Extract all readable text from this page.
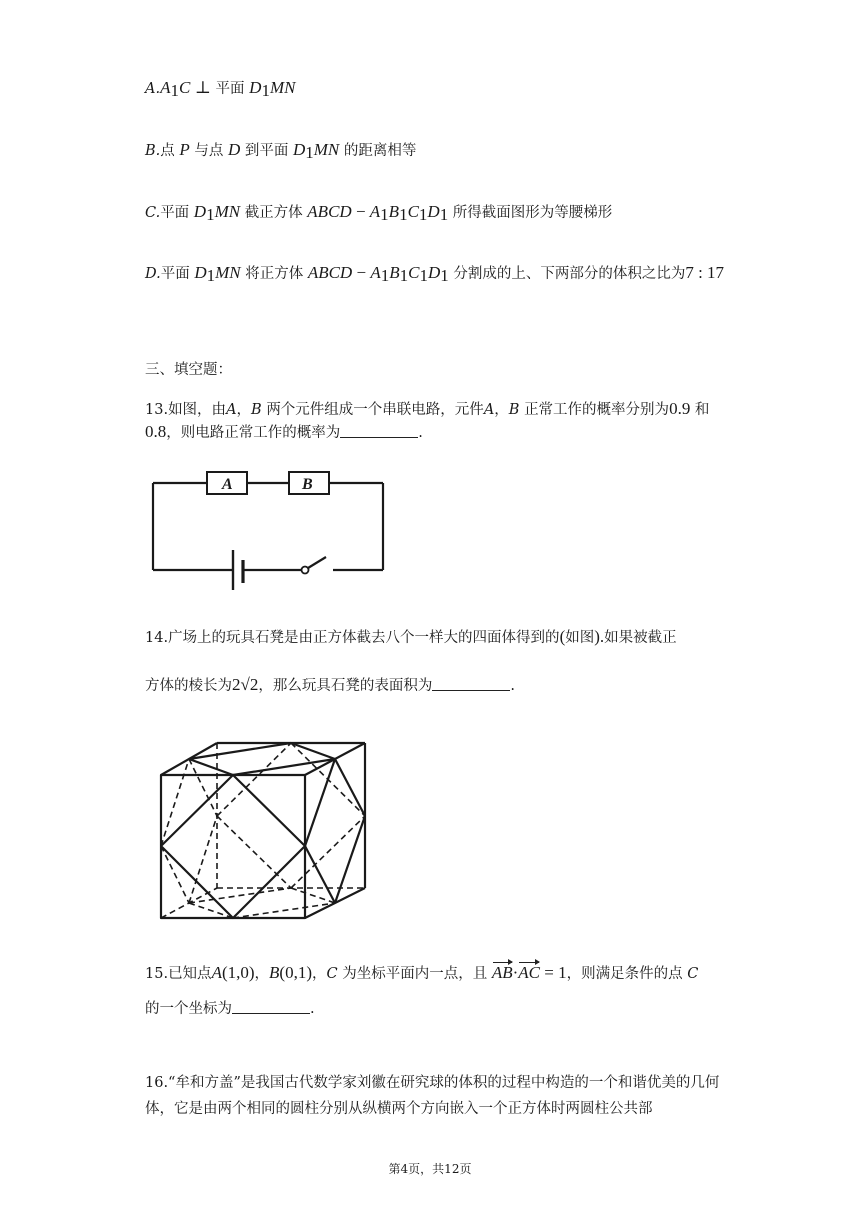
$A.A_1C$ ⊥ 平面 $D_1MN$
B.点 P 与点 D 到平面 $D_1MN$ 的距离相等
C.平面 $D_1MN$ 截正方体 ABCD − $A_1B_1C_1D_1$ 所得截面图形为等腰梯形
D.平面 $D_1MN$ 将正方体 ABCD − $A_1B_1C_1D_1$ 分割成的上、下两部分的体积之比为7 : 17
三、填空题：
13.如图，由A，B 两个元件组成一个串联电路，元件A，B 正常工作的概率分别为0.9 和
0.8，则电路正常工作的概率为	.
A	B
14.广场上的玩具石凳是由正方体截去八个一样大的四面体得到的(如图).如果被截正
方体的棱长为2√2，那么玩具石凳的表面积为	.
15.已知点A(1,0)，B(0,1)，C 为坐标平面内一点，且 AB·AC = 1，则满足条件的点 C
的一个坐标为	.
16.“牟和方盖”是我国古代数学家刘徽在研究球的体积的过程中构造的一个和谐优美的几何体，它是由两个相同的圆柱分别从纵横两个方向嵌入一个正方体时两圆柱公共部
第4页，共12页
